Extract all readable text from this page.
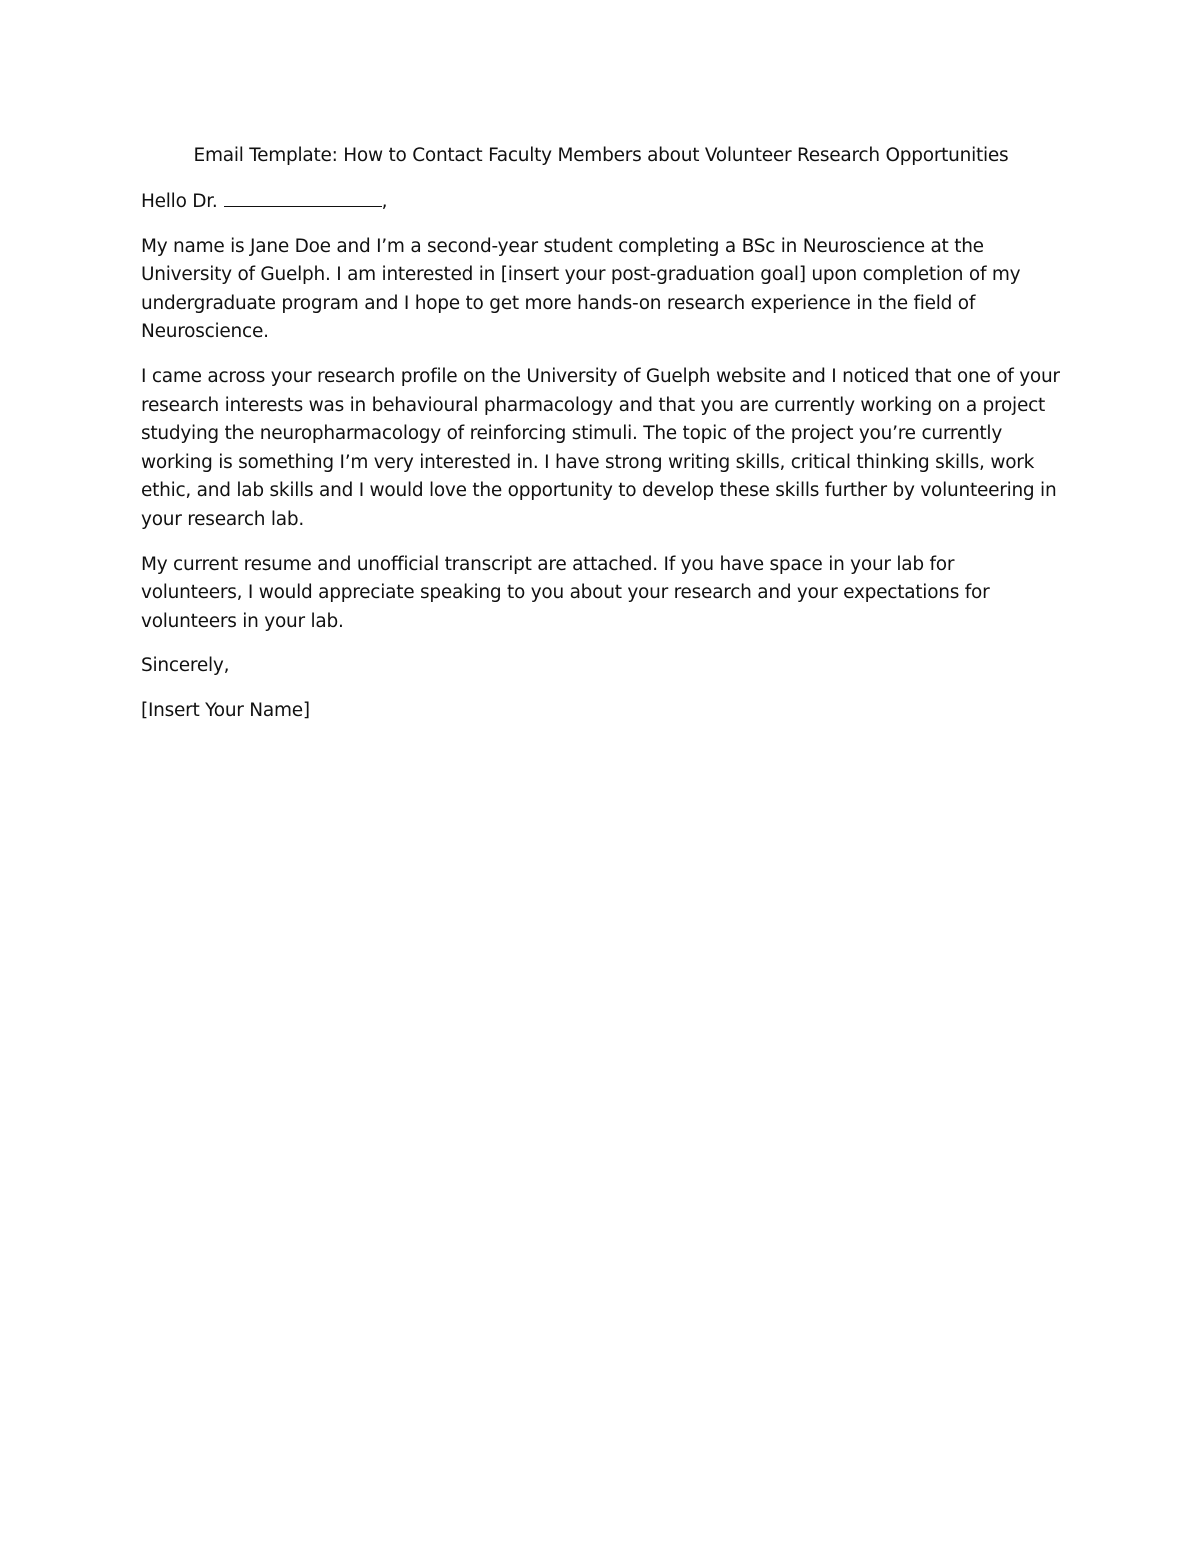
Email Template: How to Contact Faculty Members about Volunteer Research Opportunities

Hello Dr.	,

My name is Jane Doe and I’m a second-year student completing a BSc in Neuroscience at the University of Guelph. I am interested in [insert your post-graduation goal] upon completion of my undergraduate program and I hope to get more hands-on research experience in the field of Neuroscience.

I came across your research profile on the University of Guelph website and I noticed that one of your research interests was in behavioural pharmacology and that you are currently working on a project studying the neuropharmacology of reinforcing stimuli. The topic of the project you’re currently working is something I’m very interested in. I have strong writing skills, critical thinking skills, work ethic, and lab skills and I would love the opportunity to develop these skills further by volunteering in your research lab.

My current resume and unofficial transcript are attached. If you have space in your lab for volunteers, I would appreciate speaking to you about your research and your expectations for volunteers in your lab.

Sincerely,

[Insert Your Name]
